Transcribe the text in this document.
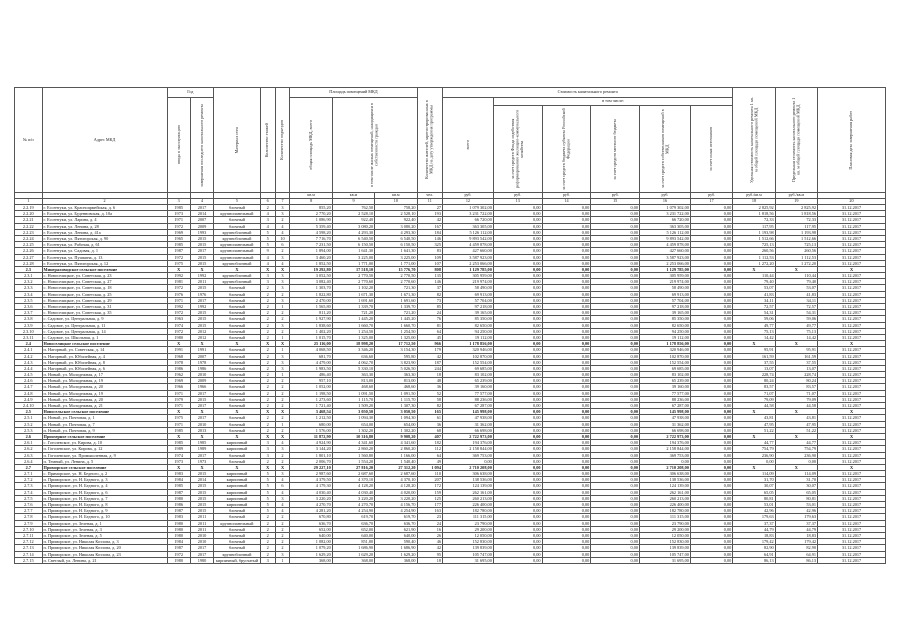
№ п/п	Адрес МКД	Год		Материал стен	Количество этажей	Количество подъездов	Площадь помещений МКД			Количество жителей, зарегистрированных в МКД на дату утверждения программы	Стоимость капитального ремонта						Удельная стоимость капитального ремонта 1 кв. м общей площади помещений МКД	Предельная стоимость капитального ремонта 1 кв. м общей площади помещений МКД	Плановая дата завершения работ

		ввода в эксплуатацию	завершения последнего капитального ремонта				общая площадь МКД, всего	в том числе жилых помещений, находящихся в собственности граждан			всего	в том числе:							

												за счет средств Фонда содействия реформированию жилищно-коммунального хозяйства	за счет средств бюджета субъекта Российской Федерации	за счет средств местного бюджета	за счет средств собственников помещений в МКД	за счет иных источников			

							кв.м	кв.м	кв.м	чел.	руб.	руб.	руб.	руб.	руб.	руб.	руб./кв.м	руб./кв.м	
1	2	3	4	5	6	7	8	9	10	11	12	13	14	15	16	17	18	19	20
2.2.19	г. Ессентуки, ул. Красноармейская, д. 6	1985	2017	блочный	2	3	855,20	762,50	758,20	27	1 079 302,00	0,00	0,00	0,00	1 079 302,00	0,00	2 825,92	2 825,92	31.12.2017
2.2.20	г. Ессентуки, ул. Буденновская, д. 10а	1973	2014	крупнопанельный	4	3	2 770,20	2 528,10	2 528,10	193	3 231 722,00	0,00	0,00	0,00	3 231 722,00	0,00	1 818,56	1 818,56	31.12.2017
2.2.21	г. Ессентуки, ул. Ларина, д. 4	1971	2007	блочный	3	2	1 086,90	922,40	922,40	42	66 720,00	0,00	0,00	0,00	66 720,00	0,00	72,33	72,33	31.12.2017
2.2.22	г. Ессентуки, ул. Ленина, д. 28	1972	2009	блочный	4	4	5 359,40	3 080,20	3 080,20	167	363 305,00	0,00	0,00	0,00	363 305,00	0,00	117,95	117,95	31.12.2017
2.2.23	г. Ессентуки, ул. Ленина, д. 41а	1969	1993	крупноблочный	5	4	4 598,20	4 293,30	4 293,30	184	5 126 112,00	0,00	0,00	0,00	5 126 112,00	0,00	1 193,98	1 193,98	31.12.2017
2.2.24	г. Ессентуки, ул. Пятигорская, д. 90	1965	2015	крупноблочный	5	10	7 716,70	6 540,50	6 540,50	146	9 893 542,00	0,00	0,00	0,00	9 893 542,00	0,00	1 512,66	1 512,66	31.12.2017
2.2.25	г. Ессентуки, ул. Рабочая, д. 61	1985	2015	крупнопанельный	5	6	7 231,50	6 150,50	6 150,50	325	4 459 878,00	0,00	0,00	0,00	4 459 878,00	0,00	725,13	725,13	31.12.2017
2.2.26	г. Ессентуки, ул. Садовая, д. 1	1987	2017	крупнопанельный	9	2	1 894,00	1 641,30	1 641,30	83	427 660,00	0,00	0,00	0,00	427 660,00	0,00	260,56	260,56	31.12.2017
2.2.27	г. Ессентуки, ул. Пушкина, д. 13	1972	2015	крупнопанельный	4	3	3 460,20	3 225,00	3 225,00	109	3 587 923,00	0,00	0,00	0,00	3 587 923,00	0,00	1 112,53	1 112,53	31.12.2017
2.2.28	г. Ессентуки, ул. Пятигорская, д. 12	1975	2015	крупноблочный	4	4	1 852,50	1 771,00	1 771,00	107	2 253 066,00	0,00	0,00	0,00	2 253 066,00	0,00	1 272,20	1 272,20	31.12.2017
2.3	Минераловодское сельское поселение	Х	Х	Х	Х	Х	19 292,80	17 518,10	15 776,70	808	1 129 785,00	0,00	0,00	0,00	1 129 785,00	0,00	Х	Х	Х
2.3.1	с. Новоселицкое, ул. Советская, д. 23	1992	1992	крупноблочный	3	3	3 052,50	2 770,50	2 770,50	135	305 959,00	0,00	0,00	0,00	305 959,00	0,00	110,44	110,44	31.12.2017
2.3.2	с. Новоселицкое, ул. Советская, д. 27	1981	2011	крупноблочный	3	3	3 082,40	2 770,60	2 770,60	146	219 974,00	0,00	0,00	0,00	219 974,00	0,00	79,40	79,40	31.12.2017
2.3.3	с. Новоселицкое, ул. Советская, д. 18	1972	2015	блочный	2	3	1 303,70	1 102,20	721,30	37	58 490,00	0,00	0,00	0,00	58 490,00	0,00	53,07	53,07	31.12.2017
2.3.4	с. Новоселицкое, ул. Советская, д. 25	1976	1976	блочный	2	2	1 822,80	1 671,30	1 671,30	82	69 913,00	0,00	0,00	0,00	69 913,00	0,00	41,83	41,83	31.12.2017
2.3.5	с. Новоселицкое, ул. Советская, д. 29	1971	2017	блочный	2	3	2 470,00	1 691,60	1 691,60	73	57 704,00	0,00	0,00	0,00	57 704,00	0,00	34,11	34,11	31.12.2017
2.3.6	с. Новоселицкое, ул. Советская, д. 31	1992	1992	блочный	2	1	1 565,80	1 339,70	1 339,70	85	97 218,00	0,00	0,00	0,00	97 218,00	0,00	72,57	72,57	31.12.2017
2.3.7	с. Новоселицкое, ул. Советская, д. 35	1972	2015	блочный	2	2	811,20	721,20	721,20	24	39 165,00	0,00	0,00	0,00	39 165,00	0,00	54,31	54,31	31.12.2017
2.3.8	с. Садовое, ул. Центральная, д. 9	1963	2015	блочный	2	2	1 927,90	1 445,20	1 445,20	76	85 350,00	0,00	0,00	0,00	85 350,00	0,00	59,06	59,06	31.12.2017
2.3.9	с. Садовое, ул. Центральная, д. 11	1974	2015	блочный	2	3	1 838,60	1 660,70	1 660,70	81	82 650,00	0,00	0,00	0,00	82 650,00	0,00	49,77	49,77	31.12.2017
2.3.10	с. Садовое, ул. Центральная, д. 14	1972	2012	блочный	2	2	1 402,20	1 254,50	1 254,50	64	94 250,00	0,00	0,00	0,00	94 250,00	0,00	75,13	75,13	31.12.2017
2.3.11	с. Садовое, ул. Школьная, д. 1	1980	2012	блочный	2	1	1 015,70	1 325,00	1 325,00	45	19 112,00	0,00	0,00	0,00	19 112,00	0,00	14,42	14,42	31.12.2017
2.4	Новоселицкое сельское поселение	Х	Х	Х	Х	Х	25 116,00	18 998,20	17 712,50	966	1 178 856,00	0,00	0,00	0,00	1 178 856,00	0,00	Х	Х	Х
2.4.1	п. Нагорный, ул. Советская, д. 14	1991	1991	блочный	2	1	4 068,50	3 346,20	3 154,30	179	320 946,00	0,00	0,00	0,00	320 946,00	0,00	95,91	95,91	31.12.2017
2.4.2	п. Нагорный, ул. Юбилейная, д. 4	1968	2007	блочный	2	3	681,70	636,60	595,80	42	102 870,00	0,00	0,00	0,00	102 870,00	0,00	161,59	161,59	31.12.2017
2.4.3	п. Нагорный, ул. Юбилейная, д. 8	1978	1978	блочный	2	3	4 479,00	4 062,70	3 823,90	187	152 554,00	0,00	0,00	0,00	152 554,00	0,00	37,55	37,55	31.12.2017
2.4.4	п. Нагорный, ул. Юбилейная, д. 6	1986	1986	блочный	2	3	1 983,50	5 330,10	5 026,50	244	69 685,00	0,00	0,00	0,00	69 685,00	0,00	13,07	13,07	31.12.2017
2.4.5	п. Новый, ул. Молодежная, д. 17	1962	2010	блочный	2	1	486,40	363,30	363,30	18	83 102,00	0,00	0,00	0,00	83 102,00	0,00	228,74	228,74	31.12.2017
2.4.6	п. Новый, ул. Молодежная, д. 19	1969	2009	блочный	2	2	957,10	813,00	813,00	48	65 239,00	0,00	0,00	0,00	65 239,00	0,00	80,24	80,24	31.12.2017
2.4.7	п. Новый, ул. Молодежная, д. 20	1966	1966	блочный	2	2	1 052,00	468,60	468,60	36	39 160,00	0,00	0,00	0,00	39 160,00	0,00	83,57	83,57	31.12.2017
2.4.8	п. Новый, ул. Молодежная, д. 19	1971	2017	блочный	2	2	1 198,50	1 091,50	1 091,50	52	77 577,00	0,00	0,00	0,00	77 577,00	0,00	71,07	71,07	31.12.2017
2.4.9	п. Новый, ул. Молодежная, д. 20	1979	2015	блочный	2	2	1 273,60	1 115,70	1 115,70	58	88 236,00	0,00	0,00	0,00	88 236,00	0,00	79,09	79,09	31.12.2017
2.4.10	п. Новый, ул. Молодежная, д. 21	1971	2017	блочный	2	2	1 721,40	1 509,20	1 307,30	82	67 287,00	0,00	0,00	0,00	67 287,00	0,00	44,58	44,58	31.12.2017
2.5	Новосельское сельское поселение	Х	Х	Х	Х	Х	3 468,54	3 050,50	3 050,50	165	145 998,00	0,00	0,00	0,00	145 998,00	0,00	Х	Х	Х
2.5.1	п. Новый, ул. Почтовая, д. 1	1975	2017	блочный	2	2	1 212,50	1 094,30	1 094,30	61	47 938,00	0,00	0,00	0,00	47 938,00	0,00	43,81	43,81	31.12.2017
2.5.2	п. Новый, ул. Почтовая, д. 7	1971	2010	блочный	2	1	680,00	654,00	654,00	36	31 362,00	0,00	0,00	0,00	31 362,00	0,00	47,95	47,95	31.12.2017
2.5.3	п. Новый, ул. Почтовая, д. 9	1985	2013	блочный	2	2	1 576,00	1 302,20	1 302,20	68	66 698,00	0,00	0,00	0,00	66 698,00	0,00	51,22	51,22	31.12.2017
2.6	Приозерное сельское поселение	Х	Х	Х	Х	Х	11 872,90	10 316,80	9 908,20	407	2 722 973,00	0,00	0,00	0,00	2 722 973,00	0,00	Х	Х	Х
2.6.1	с. Гоголевское, ул. Кирова, д. 10	1985	1985	кирпичный	3	4	4 924,90	4 341,60	4 341,60	182	194 376,00	0,00	0,00	0,00	194 376,00	0,00	44,77	44,77	31.12.2017
2.6.2	п. Гоголевское, ул. Кирова, д. 12	1989	1989	кирпичный	3	3	3 144,20	2 860,20	2 860,20	112	2 158 844,00	0,00	0,00	0,00	2 158 844,00	0,00	754,79	754,79	31.12.2017
2.6.3	п. Гоголевское, ул. Промышленная, д. 9	1974	2017	блочный	3	2	1 801,10	1 560,80	1 166,00	64	369 753,00	0,00	0,00	0,00	369 753,00	0,00	236,90	236,90	31.12.2017
2.6.4	п. Темный, ул. Ленина, д. 5	1973	1973	блочный	2	2	2 006,70	1 554,20	1 540,40	49	0,00	0,00	0,00	0,00	0,00	0,00	0,00	0,00	31.12.2017
2.7	Приморское сельское поселение	Х	Х	Х	Х	Х	29 227,10	27 816,20	27 312,20	1 094	2 710 208,00	0,00	0,00	0,00	2 710 208,00	0,00	Х	Х	Х
2.7.1	с. Приморское, ул. Н. Бедного, д. 2	1983	2015	кирпичный	5	3	2 987,60	2 687,60	2 687,60	110	306 638,00	0,00	0,00	0,00	306 638,00	0,00	114,09	114,09	31.12.2017
2.7.2	п. Приморское, ул. Н. Бедного, д. 3	1984	2014	кирпичный	5	4	4 379,50	4 370,10	4 370,10	207	138 536,00	0,00	0,00	0,00	138 536,00	0,00	31,70	31,70	31.12.2017
2.7.3	п. Приморское, ул. Н. Бедного, д. 4	1985	2015	кирпичный	5	6	4 179,30	4 128,20	4 128,20	172	124 139,00	0,00	0,00	0,00	124 139,00	0,00	30,07	30,07	31.12.2017
2.7.4	п. Приморское, ул. Н. Бедного, д. 6	1987	2015	кирпичный	5	4	4 030,40	4 030,40	4 020,00	159	262 161,00	0,00	0,00	0,00	262 161,00	0,00	65,05	65,05	31.12.2017
2.7.5	п. Приморское, ул. Н. Бедного, д. 7	1980	2015	кирпичный	5	3	3 220,20	3 220,20	3 220,20	125	260 213,00	0,00	0,00	0,00	260 213,00	0,00	80,81	80,81	31.12.2017
2.7.6	п. Приморское, ул. Н. Бедного, д. 8	1986	2015	кирпичный	5	4	4 270,70	4 270,70	4 156,70	177	226 400,00	0,00	0,00	0,00	226 400,00	0,00	53,01	53,01	31.12.2017
2.7.7	п. Приморское, ул. Н. Бедного, д. 9	1987	2015	блочный	5	4	4 281,20	4 254,90	4 254,90	163	182 780,00	0,00	0,00	0,00	182 780,00	0,00	42,96	42,96	31.12.2017
2.7.8	п. Приморское, ул. Н. Бедного, д. 10	1983	2011	блочный	2	2	670,80	619,70	619,70	23	111 315,00	0,00	0,00	0,00	111 315,00	0,00	179,63	179,63	31.12.2017
2.7.9	п. Приморское, ул. Зеленая, д. 1	1980	2011	крупнопанельный	2	2	636,70	636,70	636,70	24	23 790,00	0,00	0,00	0,00	23 790,00	0,00	37,37	37,37	31.12.2017
2.7.10	п. Приморское, ул. Зеленая, д. 3	1980	2011	блочный	2	2	652,00	652,00	621,90	16	29 200,00	0,00	0,00	0,00	29 200,00	0,00	44,79	44,79	31.12.2017
2.7.11	п. Приморское, ул. Зеленая, д. 5	1980	2010	блочный	2	2	640,00	640,00	640,00	26	12 050,00	0,00	0,00	0,00	12 050,00	0,00	18,83	18,83	31.12.2017
2.7.12	п. Приморское, ул. Николая Козлова, д. 3	1984	2010	блочный	2	2	1 082,00	851,80	590,40	46	152 830,00	0,00	0,00	0,00	152 830,00	0,00	179,42	179,42	31.12.2017
2.7.13	п. Приморское, ул. Николая Козлова, д. 20	1987	2017	блочный	2	2	1 079,20	1 686,90	1 686,90	42	139 839,00	0,00	0,00	0,00	139 839,00	0,00	82,90	82,90	31.12.2017
2.7.14	п. Приморское, ул. Николая Козлова, д. 23	1972	2017	крупноблочный	2	3	1 629,20	1 629,20	1 629,20	95	105 747,00	0,00	0,00	0,00	105 747,00	0,00	64,91	64,91	31.12.2017
2.7.15	п. Светлый, ул. Ленина, д. 21	1980	1980	кирпичный, брусчатый	3	1	368,00	368,00	368,00	18	31 695,00	0,00	0,00	0,00	31 695,00	0,00	86,13	86,13	31.12.2017
